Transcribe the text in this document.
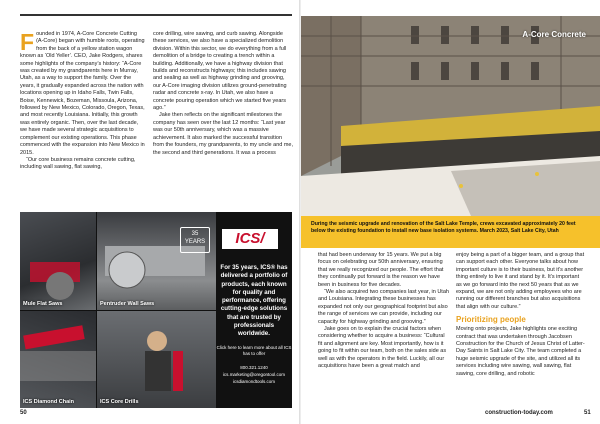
F ounded in 1974, A-Core Concrete Cutting (A-Core) began with humble roots, operating from the back of a yellow station wagon known as ‘Old Yeller’. CEO, Jake Rodgers, shares some highlights of the company’s history: “A-Core was created by my grandparents here in Murray, Utah, as a way to support the family. Over the years, it gradually expanded across the nation with locations opening up in Idaho Falls, Twin Falls, Boise, Kennewick, Bozeman, Missoula, Arizona, followed by New Mexico, Colorado, Oregon, Texas, and most recently Louisiana. Initially, this growth was entirely organic. Then, over the last decade, we have made several strategic acquisitions to complement our existing operations. This phase commenced with the expansion into New Mexico in 2015.

“Our core business remains concrete cutting, including wall sawing, flat sawing,

core drilling, wire sawing, and curb sawing. Alongside these services, we also have a specialized demolition division. Within this sector, we do everything from a full demolition of a bridge to creating a trench within a building. Additionally, we have a highway division that builds and reconstructs highways; this includes sawing and sealing as well as highway grinding and grooving, our A-Core imaging division utilizes ground-penetrating radar and concrete x-ray. In Utah, we also have a concrete pouring operation which we started five years ago.”

Jake then reflects on the significant milestones the company has seen over the last 12 months: “Last year was our 50th anniversary, which was a massive achievement. It also marked the successful transition from the founders, my grandparents, to my uncle and me, the second and third generations. It was a process

Mule Flat Saws	Pentruder Wall Saws
ICS Diamond Chain	ICS Core Drills
35 YEARS	ICS/
For 35 years, ICS® has delivered a portfolio of products, each known for quality and performance, offering cutting-edge solutions that are trusted by professionals worldwide.
Click here to learn more about all ICS has to offer
800.321.1240
ics.marketing@oregontool.com
icsdiamondtools.com
50
A-Core Concrete
During the seismic upgrade and renovation of the Salt Lake Temple, crews excavated approximately 20 feet below the existing foundation to install new base isolation systems. March 2023, Salt Lake City, Utah

that had been underway for 15 years. We put a big focus on celebrating our 50th anniversary, ensuring that we really recognized our people. The effort that they continually put forward is the reason we have been in business for five decades.

“We also acquired two companies last year, in Utah and Louisiana. Integrating these businesses has expanded not only our geographical footprint but also the range of services we can provide, including our capacity for highway grinding and grooving.”

Jake goes on to explain the crucial factors when considering whether to acquire a business: “Cultural fit and alignment are key. Most importantly, how is it going to fit within our team, both on the sales side as well as with the operators in the field. Luckily, all our acquisitions have been a great match and

enjoy being a part of a bigger team, and a group that can support each other. Everyone talks about how important culture is to their business, but it’s another thing entirely to live it and stand by it. It’s important as we go forward into the next 50 years that as we expand, we are not only adding employees who are running our different branches but also acquisitions that align with our culture.”

Prioritizing people

Moving onto projects, Jake highlights one exciting contract that was undertaken through Jacobsen Construction for the Church of Jesus Christ of Latter-Day Saints in Salt Lake City. The team completed a huge seismic upgrade of the site, and utilized all its services including wire sawing, wall sawing, flat sawing, core drilling, and robotic

construction-today.com	51
